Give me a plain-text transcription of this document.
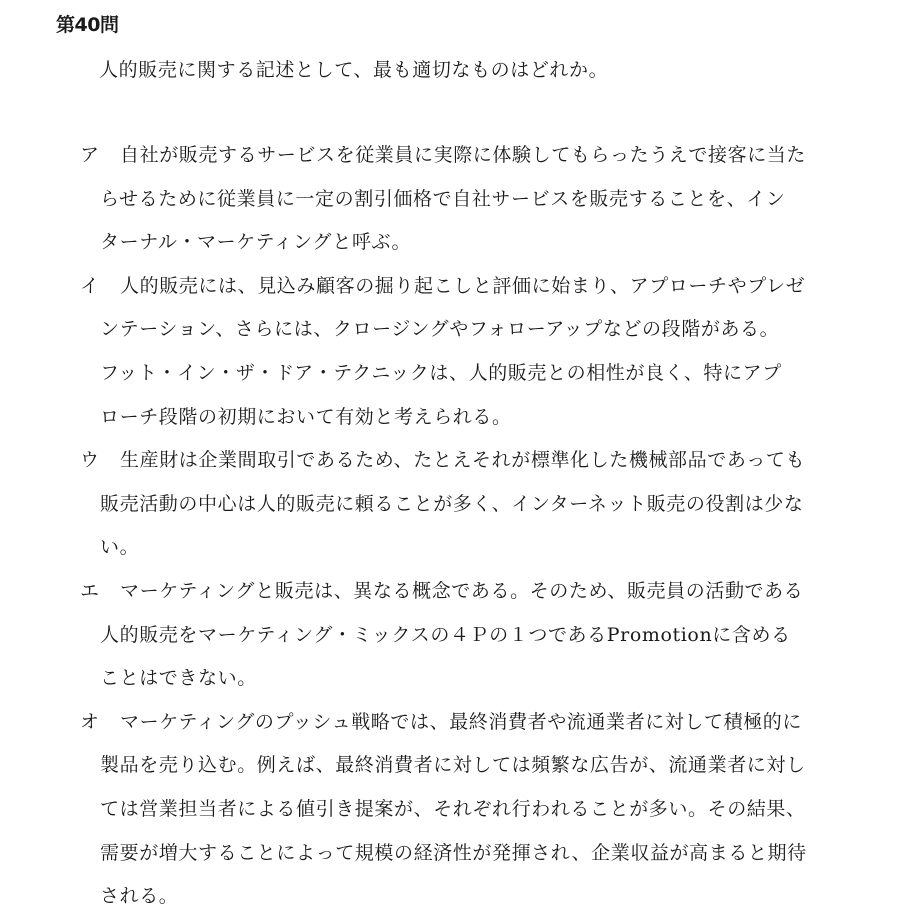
第40問
人的販売に関する記述として、最も適切なものはどれか。
ア	自社が販売するサービスを従業員に実際に体験してもらったうえで接客に当た
らせるために従業員に一定の割引価格で自社サービスを販売することを、イン
ターナル・マーケティングと呼ぶ。
イ	人的販売には、見込み顧客の掘り起こしと評価に始まり、アプローチやプレゼ
ンテーション、さらには、クロージングやフォローアップなどの段階がある。
フット・イン・ザ・ドア・テクニックは、人的販売との相性が良く、特にアプ
ローチ段階の初期において有効と考えられる。
ウ	生産財は企業間取引であるため、たとえそれが標準化した機械部品であっても
販売活動の中心は人的販売に頼ることが多く、インターネット販売の役割は少な
い。
エ	マーケティングと販売は、異なる概念である。そのため、販売員の活動である
人的販売をマーケティング・ミックスの４Ｐの１つであるPromotionに含める
ことはできない。
オ	マーケティングのプッシュ戦略では、最終消費者や流通業者に対して積極的に
製品を売り込む。例えば、最終消費者に対しては頻繁な広告が、流通業者に対し
ては営業担当者による値引き提案が、それぞれ行われることが多い。その結果、
需要が増大することによって規模の経済性が発揮され、企業収益が高まると期待
される。
